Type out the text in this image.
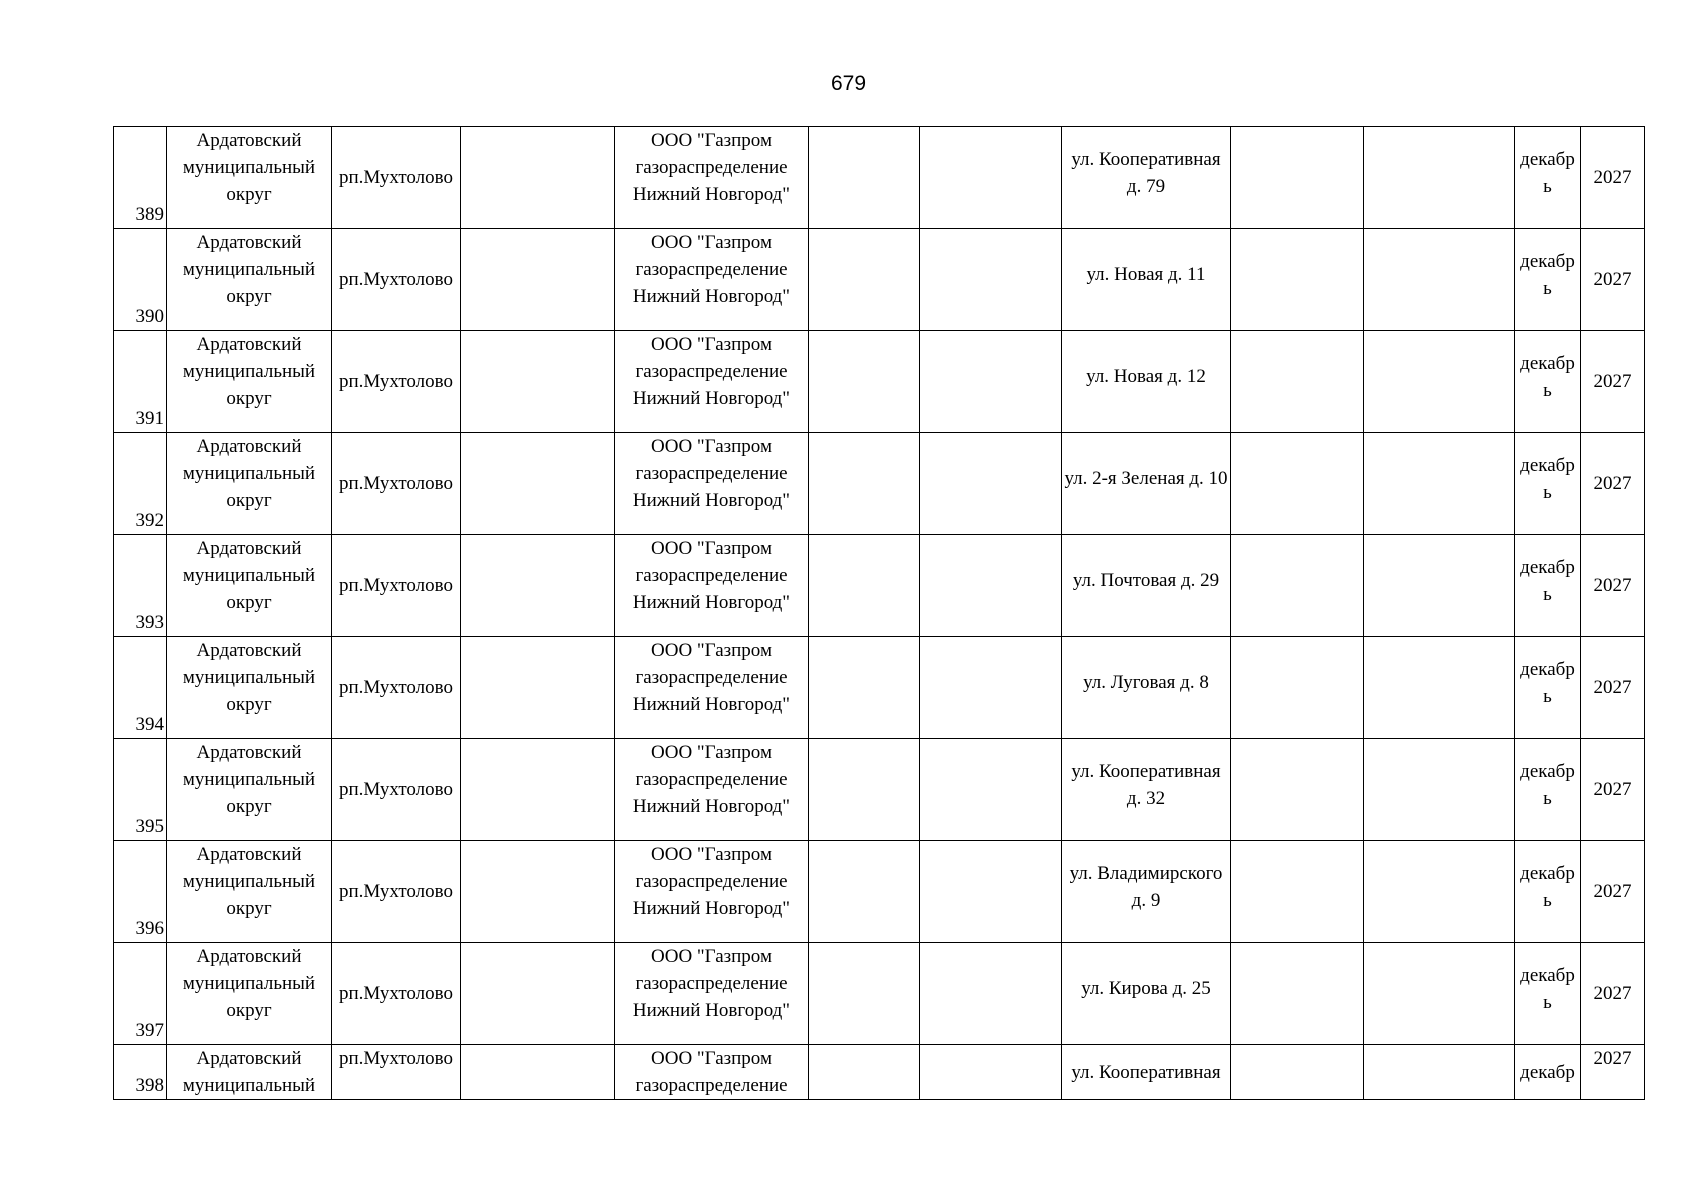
679
389	Ардатовский муниципальный округ	рп.Мухтолово		ООО "Газпром газораспределение Нижний Новгород"			ул. Кооперативная д. 79			декабрь	2027
390	Ардатовский муниципальный округ	рп.Мухтолово		ООО "Газпром газораспределение Нижний Новгород"			ул. Новая д. 11			декабрь	2027
391	Ардатовский муниципальный округ	рп.Мухтолово		ООО "Газпром газораспределение Нижний Новгород"			ул. Новая д. 12			декабрь	2027
392	Ардатовский муниципальный округ	рп.Мухтолово		ООО "Газпром газораспределение Нижний Новгород"			ул. 2-я Зеленая д. 10			декабрь	2027
393	Ардатовский муниципальный округ	рп.Мухтолово		ООО "Газпром газораспределение Нижний Новгород"			ул. Почтовая д. 29			декабрь	2027
394	Ардатовский муниципальный округ	рп.Мухтолово		ООО "Газпром газораспределение Нижний Новгород"			ул. Луговая д. 8			декабрь	2027
395	Ардатовский муниципальный округ	рп.Мухтолово		ООО "Газпром газораспределение Нижний Новгород"			ул. Кооперативная д. 32			декабрь	2027
396	Ардатовский муниципальный округ	рп.Мухтолово		ООО "Газпром газораспределение Нижний Новгород"			ул. Владимирского д. 9			декабрь	2027
397	Ардатовский муниципальный округ	рп.Мухтолово		ООО "Газпром газораспределение Нижний Новгород"			ул. Кирова д. 25			декабрь	2027
398	Ардатовский муниципальный	рп.Мухтолово		ООО "Газпром газораспределение			ул. Кооперативная			декабр	2027
